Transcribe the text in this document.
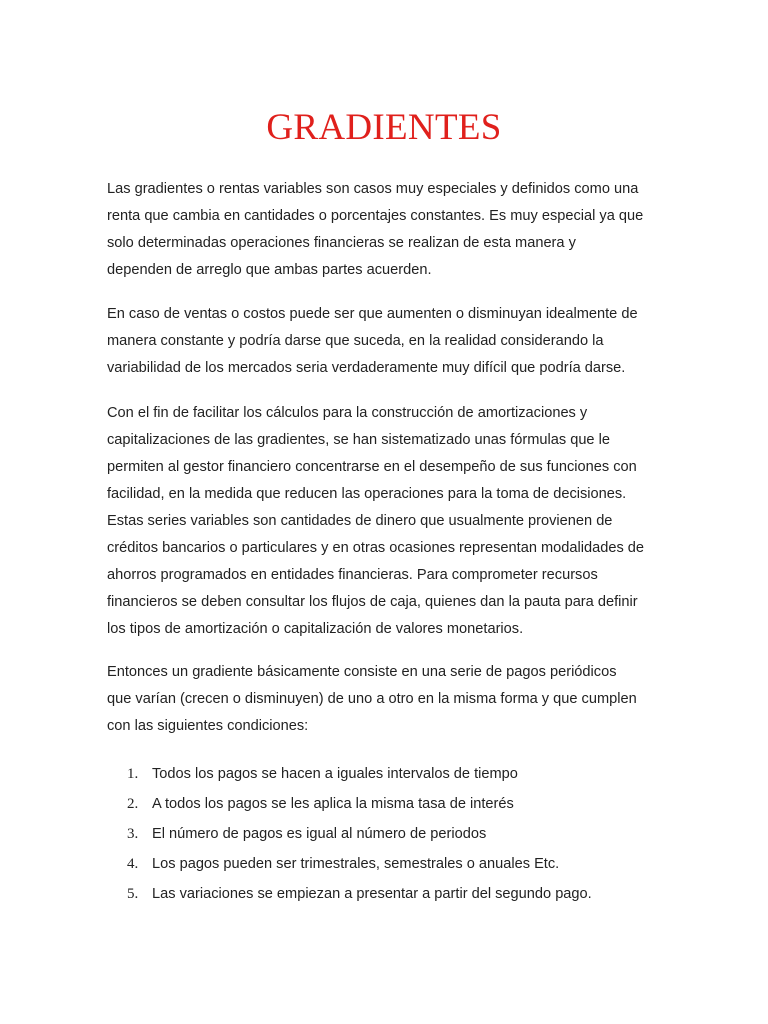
GRADIENTES

Las gradientes o rentas variables son casos muy especiales y definidos como una
renta que cambia en cantidades o porcentajes constantes. Es muy especial ya que
solo determinadas operaciones financieras se realizan de esta manera y
dependen de arreglo que ambas partes acuerden.

En caso de ventas o costos puede ser que aumenten o disminuyan idealmente de
manera constante y podría darse que suceda, en la realidad considerando la
variabilidad de los mercados seria verdaderamente muy difícil que podría darse.

Con el fin de facilitar los cálculos para la construcción de amortizaciones y
capitalizaciones de las gradientes, se han sistematizado unas fórmulas que le
permiten al gestor financiero concentrarse en el desempeño de sus funciones con
facilidad, en la medida que reducen las operaciones para la toma de decisiones.
Estas series variables son cantidades de dinero que usualmente provienen de
créditos bancarios o particulares y en otras ocasiones representan modalidades de
ahorros programados en entidades financieras. Para comprometer recursos
financieros se deben consultar los flujos de caja, quienes dan la pauta para definir
los tipos de amortización o capitalización de valores monetarios.

Entonces un gradiente básicamente consiste en una serie de pagos periódicos
que varían (crecen o disminuyen) de uno a otro en la misma forma y que cumplen
con las siguientes condiciones:

1. Todos los pagos se hacen a iguales intervalos de tiempo
2. A todos los pagos se les aplica la misma tasa de interés
3. El número de pagos es igual al número de periodos
4. Los pagos pueden ser trimestrales, semestrales o anuales Etc.
5. Las variaciones se empiezan a presentar a partir del segundo pago.
